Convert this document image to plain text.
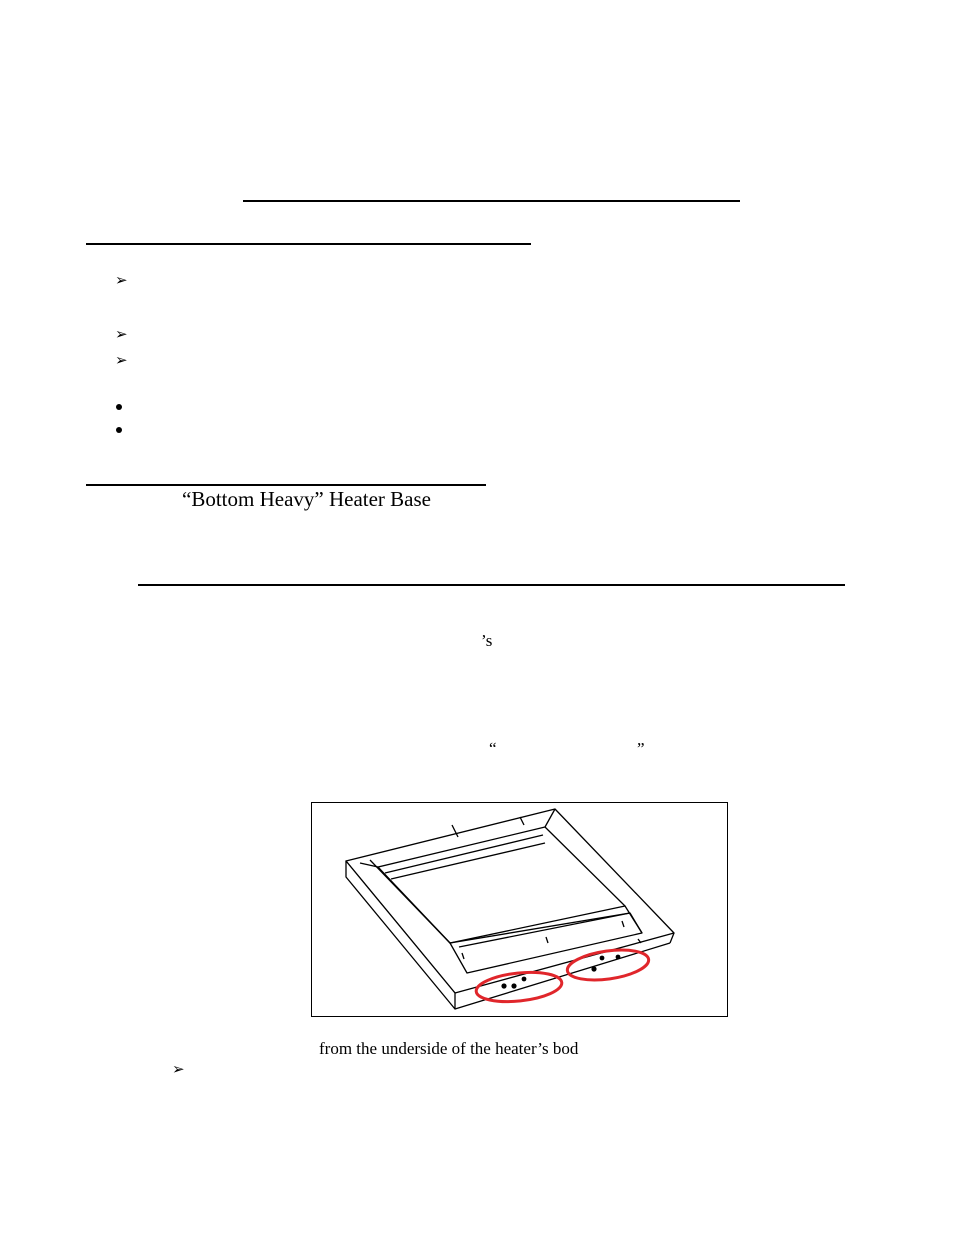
➢
➢
➢
➢
“Bottom Heavy” Heater Base
’s
“	”
from the underside of the heater’s bod
